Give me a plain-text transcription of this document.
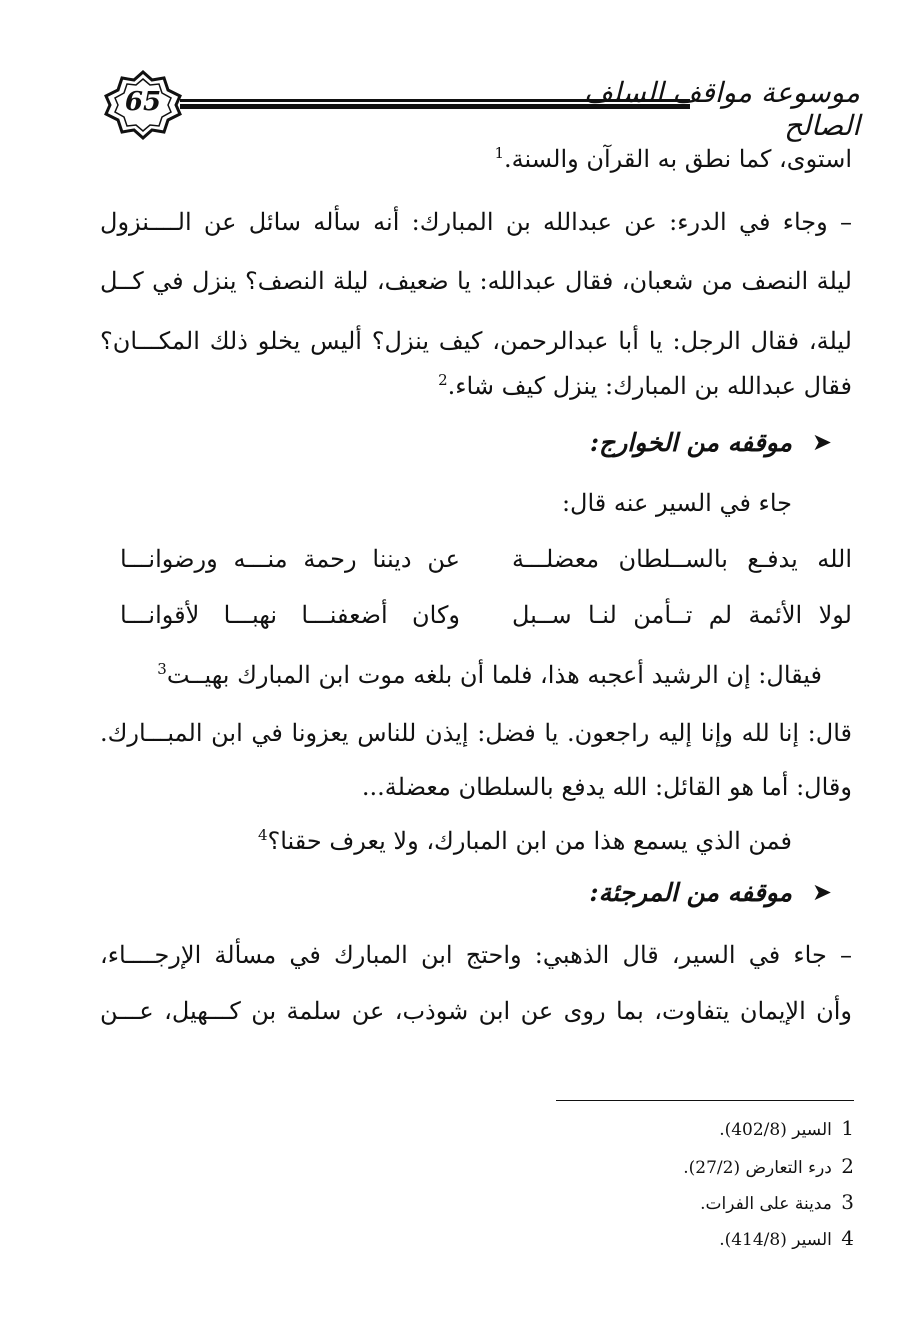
65	موسوعة مواقف السلف الصالح
استوى، كما نطق به القرآن والسنة.$^1$
– وجاء في الدرء: عن عبدالله بن المبارك: أنه سأله سائل عن الــــنزول
ليلة النصف من شعبان، فقال عبدالله: يا ضعيف، ليلة النصف؟ ينزل في كــل
ليلة، فقال الرجل: يا أبا عبدالرحمن، كيف ينزل؟ أليس يخلو ذلك المكـــان؟
فقال عبدالله بن المبارك: ينزل كيف شاء.$^2$
➤
موقفه من الخوارج:
جاء في السير عنه قال:
الله يدفـع بالســلطان معضلـــة
عن ديننا رحمة منـــه ورضوانـــا
لولا الأئمة لم تــأمن لنـا ســبل
وكان أضعفنـــا نهبـــا لأقوانـــا
فيقال: إن الرشيد أعجبه هذا، فلما أن بلغه موت ابن المبارك بهيــت$^3$
قال: إنا لله وإنا إليه راجعون. يا فضل: إيذن للناس يعزونا في ابن المبـــارك.
وقال: أما هو القائل: الله يدفع بالسلطان معضلة...
فمن الذي يسمع هذا من ابن المبارك، ولا يعرف حقنا؟$^4$
➤
موقفه من المرجئة:
– جاء في السير، قال الذهبي: واحتج ابن المبارك في مسألة الإرجــــاء،
وأن الإيمان يتفاوت، بما روى عن ابن شوذب، عن سلمة بن كـــهيل، عـــن
1 السير (402/8).
2 درء التعارض (27/2).
3 مدينة على الفرات.
4 السير (414/8).
